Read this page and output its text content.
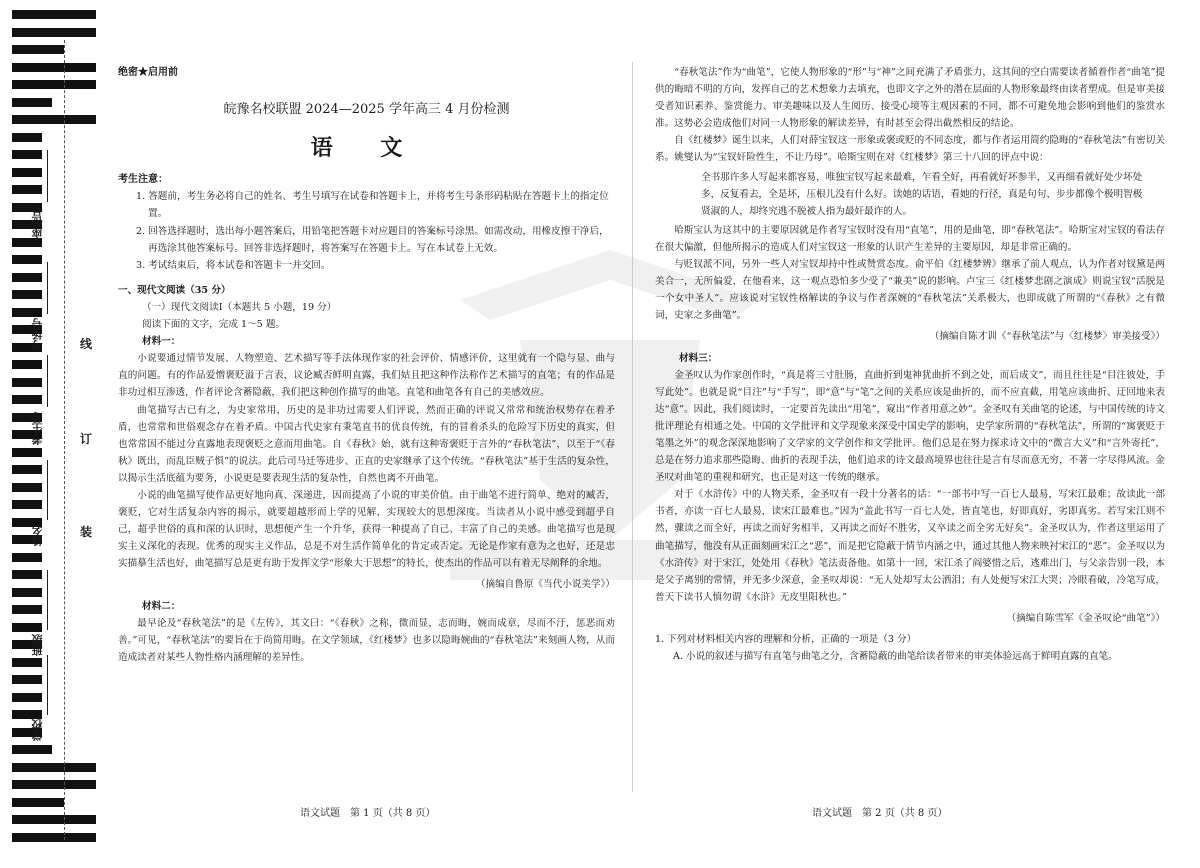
座位号
考场号
考生号
姓名
班级
学校
线
订
装
绝密★启用前
皖豫名校联盟 2024—2025 学年高三 4 月份检测
语 文
考生注意：

1. 答题前，考生务必将自己的姓名、考生号填写在试卷和答题卡上，并将考生号条形码粘贴在答题卡上的指定位置。

2. 回答选择题时，选出每小题答案后，用铅笔把答题卡对应题目的答案标号涂黑。如需改动，用橡皮擦干净后，再选涂其他答案标号。回答非选择题时，将答案写在答题卡上。写在本试卷上无效。

3. 考试结束后，将本试卷和答题卡一并交回。

一、现代文阅读（35 分）

（一）现代文阅读Ⅰ（本题共 5 小题，19 分）

阅读下面的文字，完成 1～5 题。

材料一：

小说要通过情节发展、人物塑造、艺术描写等手法体现作家的社会评价、情感评价，这里就有一个隐与显、曲与直的问题。有的作品爱憎褒贬溢于言表，议论臧否鲜明直露，我们姑且把这种作法称作艺术描写的直笔；有的作品是非功过相互渗透，作者评论含蓄隐蔽，我们把这种创作描写的曲笔。直笔和曲笔各有自己的美感效应。

曲笔描写古已有之，为史家常用，历史的是非功过需要人们评说，然而正确的评说又常常和统治权势存在着矛盾，也常常和世俗观念存在着矛盾。中国古代史家有秉笔直书的优良传统，有的冒着杀头的危险写下历史的真实，但也常常因不能过分直露地表现褒贬之意而用曲笔。自《春秋》始，就有这种寄褒贬于言外的“春秋笔法”，以至于“《春秋》既出，而乱臣贼子惧”的说法。此后司马迁等进步、正直的史家继承了这个传统。“春秋笔法”基于生活的复杂性，以揭示生活底蕴为要务，小说更是要表现生活的复杂性，自然也离不开曲笔。

小说的曲笔描写使作品更好地向真、深递进，因而提高了小说的审美价值。由于曲笔不进行简单、绝对的臧否，褒贬，它对生活复杂内容的揭示，就要超越形而上学的见解，实现较大的思想深度。当读者从小说中感受到超乎自己，超乎世俗的真和深的认识时，思想便产生一个升华，获得一种提高了自己、丰富了自己的美感。曲笔描写也是现实主义深化的表现。优秀的现实主义作品，总是不对生活作简单化的肯定或否定。无论是作家有意为之也好，还是忠实描摹生活也好，曲笔描写总是更有助于发挥文学“形象大于思想”的特长，使杰出的作品可以有着无尽阐释的余地。

（摘编自鲁原《当代小说美学》）

材料二：

最早论及“春秋笔法”的是《左传》，其文曰：“《春秋》之称，微而显，志而晦，婉而成章，尽而不汙，惩恶而劝善。”可见，“春秋笔法”的要旨在于尚简用晦。在文学领域，《红楼梦》也多以隐晦婉曲的“春秋笔法”来刻画人物，从而造成读者对某些人物性格内涵理解的差异性。

“春秋笔法”作为“曲笔”，它使人物形象的“形”与“神”之间充满了矛盾张力，这其间的空白需要读者循着作者“曲笔”提供的晦暗不明的方向，发挥自己的艺术想象力去填充，也即文字之外的潜在层面的人物形象最终由读者塑成。但是审美接受者知识素养、鉴赏能力、审美趣味以及人生阅历、接受心境等主观因素的不同，都不可避免地会影响到他们的鉴赏水准。这势必会造成他们对同一人物形象的解读差异，有时甚至会得出截然相反的结论。

自《红楼梦》诞生以来，人们对薛宝钗这一形象或褒或贬的不同态度，都与作者运用简约隐晦的“春秋笔法”有密切关系。姚燮认为“宝钗奸险性生，不让乃母”。哈斯宝则在对《红楼梦》第三十八回的评点中说：

全书那许多人写起来都容易，唯独宝钗写起来最难，乍看全好，再看就好坏参半，又再细看就好处少坏处多，反复看去，全是坏，压根儿没有什么好。读她的话语，看她的行径，真是句句、步步都像个极明智极贤淑的人，却终究逃不脱被人指为最奸最诈的人。

哈斯宝认为这其中的主要原因就是作者写宝钗时没有用“直笔”，用的是曲笔，即“春秋笔法”。哈斯宝对宝钗的看法存在很大偏激，但他所揭示的造成人们对宝钗这一形象的认识产生差异的主要原因，却是非常正确的。

与贬钗派不同，另外一些人对宝钗却持中性或赞赏态度。俞平伯《红楼梦辨》继承了前人观点，认为作者对钗黛是两美合一，无所偏爱，在他看来，这一观点恐怕多少受了“兼美”说的影响。卢宝三《红楼梦悲剧之演成》则说宝钗“活脱是一个女中圣人”。应该说对宝钗性格解读的争议与作者深婉的“春秋笔法”关系极大，也即成就了所谓的“《春秋》之有微词，史家之多曲笔”。

（摘编自陈才训《“春秋笔法”与〈红楼梦〉审美接受》）

材料三：

金圣叹认为作家创作时，“真是将三寸肚肠，直曲折到鬼神犹曲折不到之处，而后成文”，而且往往是“目注彼处，手写此处”。也就是说“目注”与“手写”，即“意”与“笔”之间的关系应该是曲折的，而不应直截，用笔应该曲折、迂回地来表达“意”。因此，我们阅读时，一定要首先读出“用笔”，窥出“作者用意之妙”。金圣叹有关曲笔的论述，与中国传统的诗文批评理论有相通之处。中国的文学批评和文学现象来深受中国史学的影响，史学家所谓的“春秋笔法”，所谓的“寓褒贬于笔墨之外”的观念深深地影响了文学家的文学创作和文学批评。他们总是在努力探求诗文中的“微言大义”和“言外寄托”，总是在努力追求那些隐晦、曲折的表现手法，他们追求的诗文最高境界也往往是言有尽而意无穷，不著一字尽得风流。金圣叹对曲笔的重视和研究，也正是对这一传统的继承。

对于《水浒传》中的人物关系，金圣叹有一段十分著名的话：“一部书中写一百七人最易，写宋江最难；故读此一部书者，亦读一百七人最易，读宋江最难也。”因为“盖此书写一百七人处，皆直笔也，好即真好，劣即真劣。若写宋江则不然，骤读之而全好，再读之而好劣相半，又再读之而好不胜劣，又卒读之而全劣无好矣”。金圣叹认为，作者这里运用了曲笔描写，他没有从正面刻画宋江之“恶”，而是把它隐蔽于情节内涵之中，通过其他人物来映衬宋江的“恶”。金圣叹以为《水浒传》对于宋江，处处用《春秋》笔法责备他。如第十一回，宋江杀了阎婆惜之后，逃难出门，与父亲告别一段，本是父子离别的常情，并无多少深意，金圣叹却说：“无人处却写太公洒泪；有人处便写宋江大哭；冷眼看破，冷笔写成，普天下读书人慎勿谓《水浒》无皮里阳秋也。”

（摘编自陈雪军《金圣叹论“曲笔”》）

1. 下列对材料相关内容的理解和分析，正确的一项是（3 分）

A. 小说的叙述与描写有直笔与曲笔之分，含蓄隐蔽的曲笔给读者带来的审美体验远高于鲜明直露的直笔。

语文试题　第 1 页（共 8 页）	语文试题　第 2 页（共 8 页）
